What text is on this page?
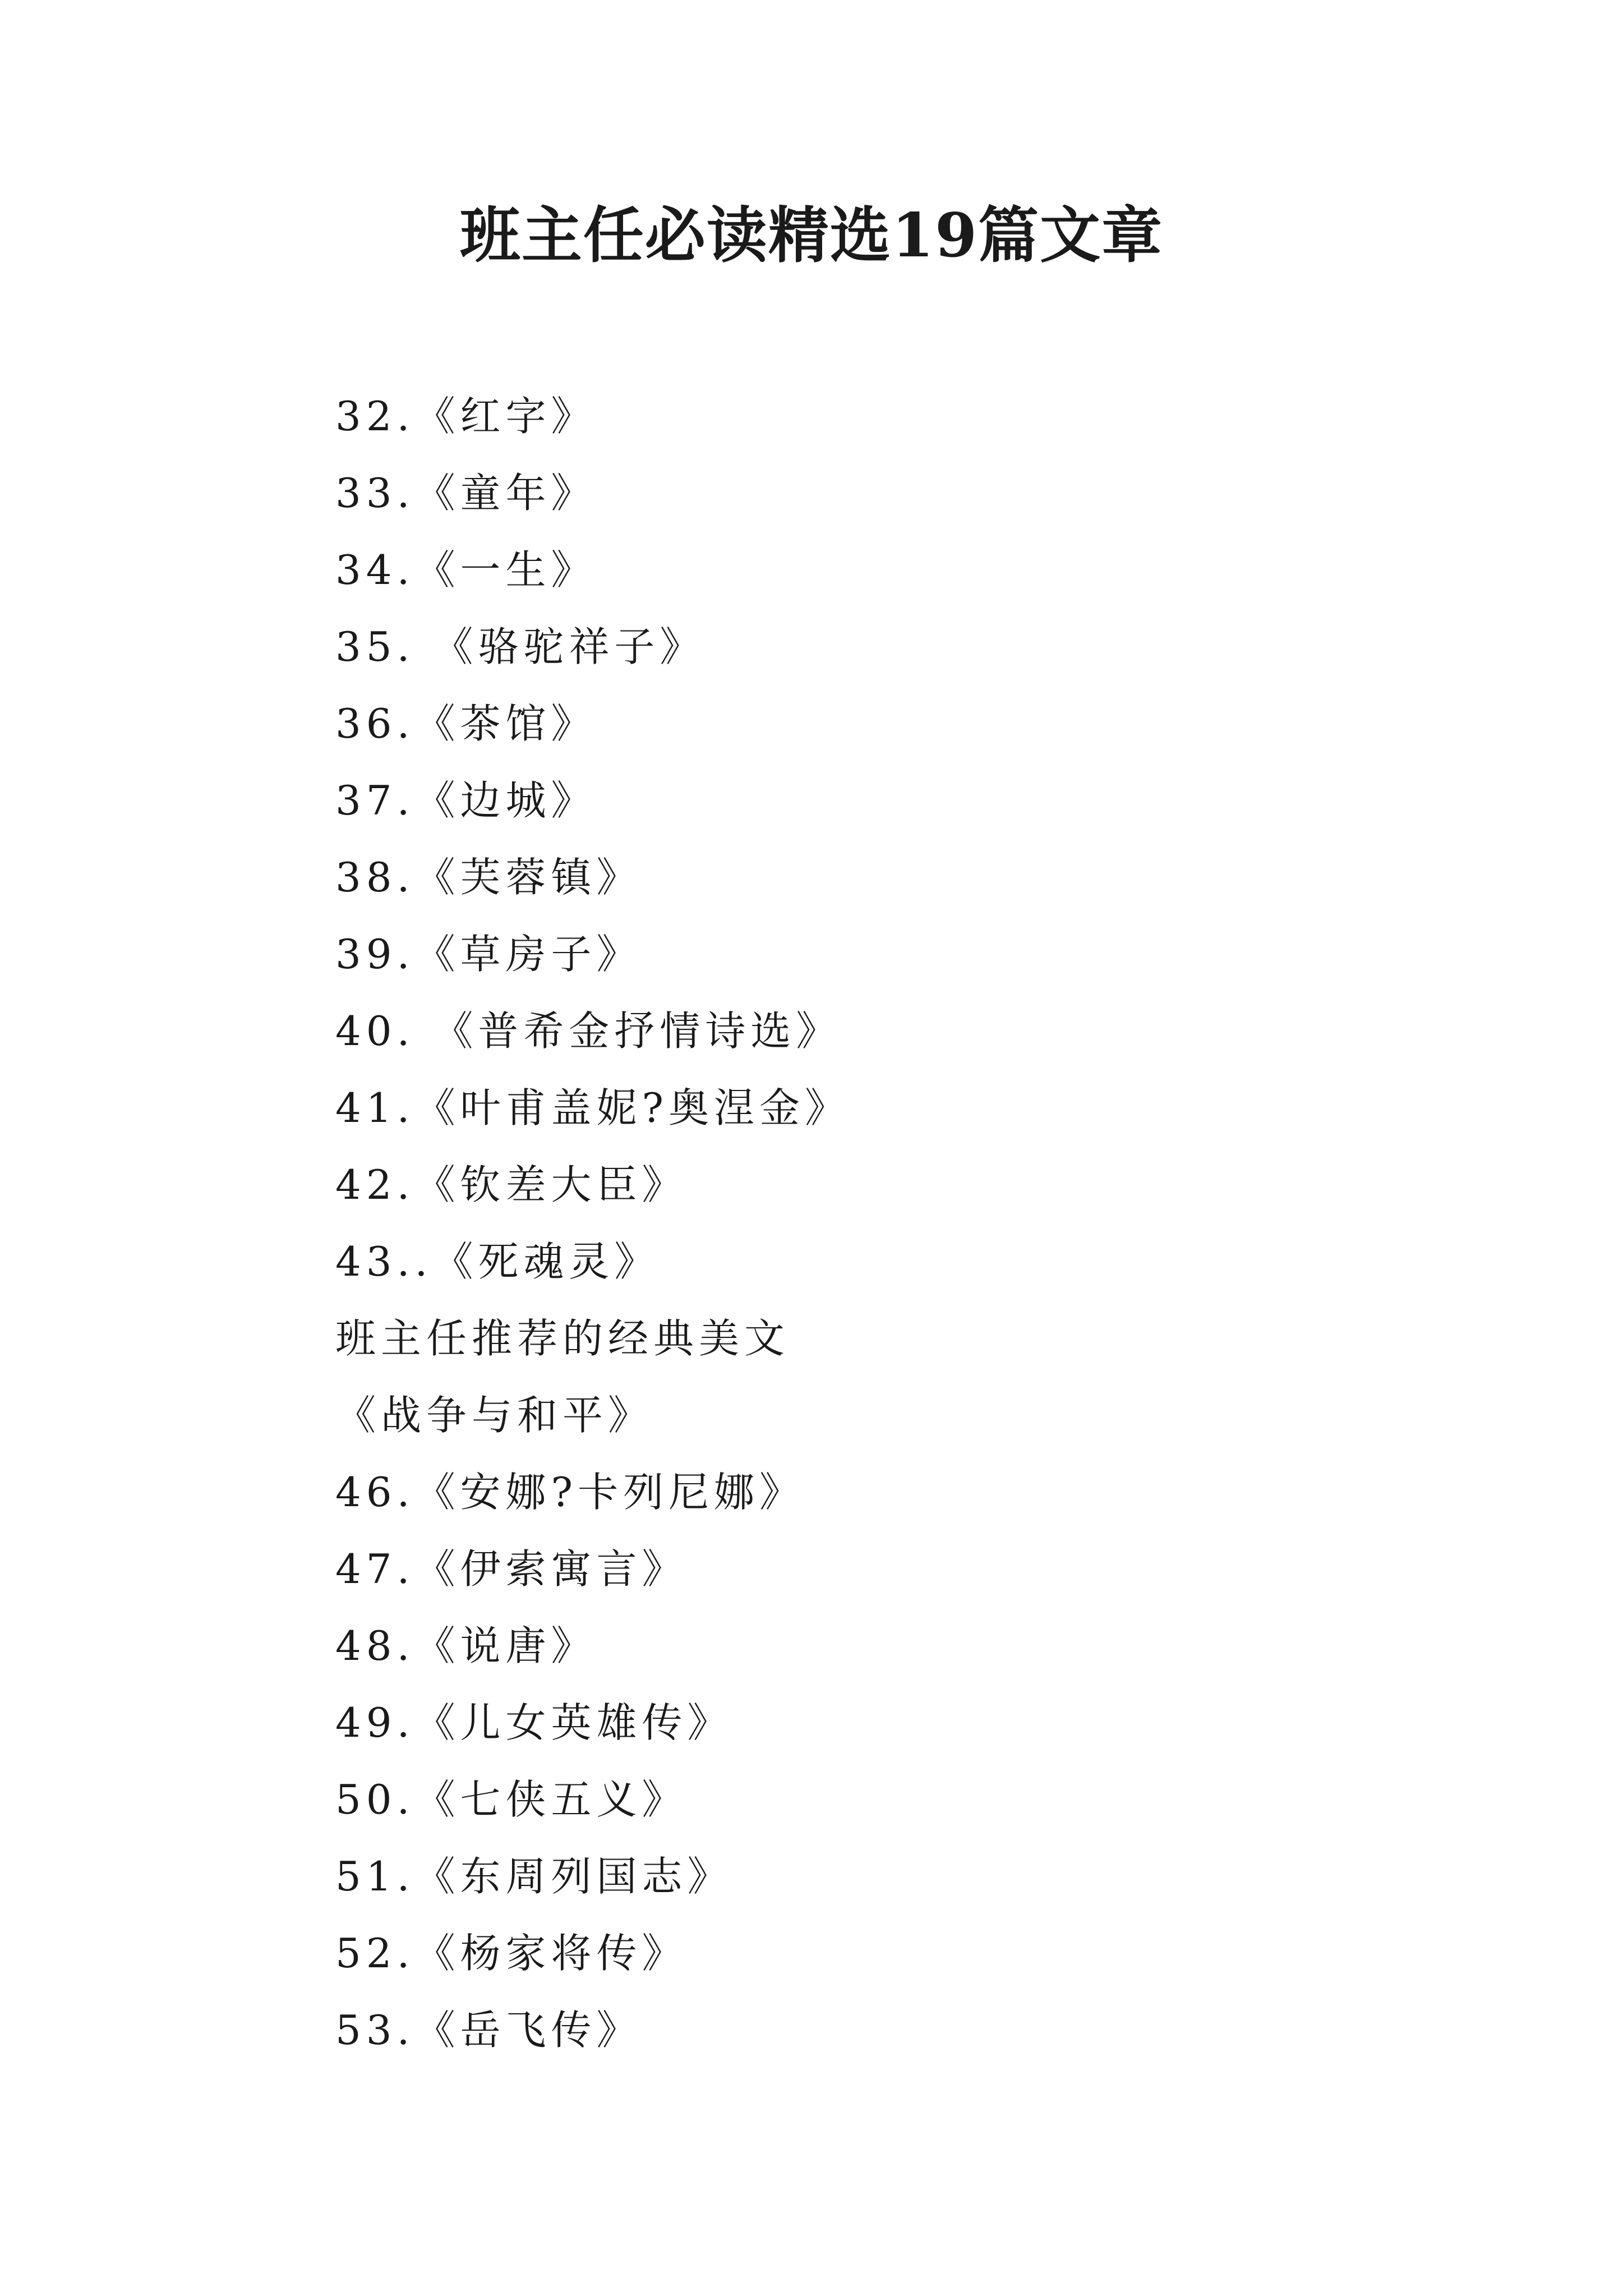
班主任必读精选19篇文章
32.《红字》
33.《童年》
34.《一生》
35. 《骆驼祥子》
36.《茶馆》
37.《边城》
38.《芙蓉镇》
39.《草房子》
40. 《普希金抒情诗选》
41.《叶甫盖妮?奥涅金》
42.《钦差大臣》
43..《死魂灵》
班主任推荐的经典美文
《战争与和平》
46.《安娜?卡列尼娜》
47.《伊索寓言》
48.《说唐》
49.《儿女英雄传》
50.《七侠五义》
51.《东周列国志》
52.《杨家将传》
53.《岳飞传》
